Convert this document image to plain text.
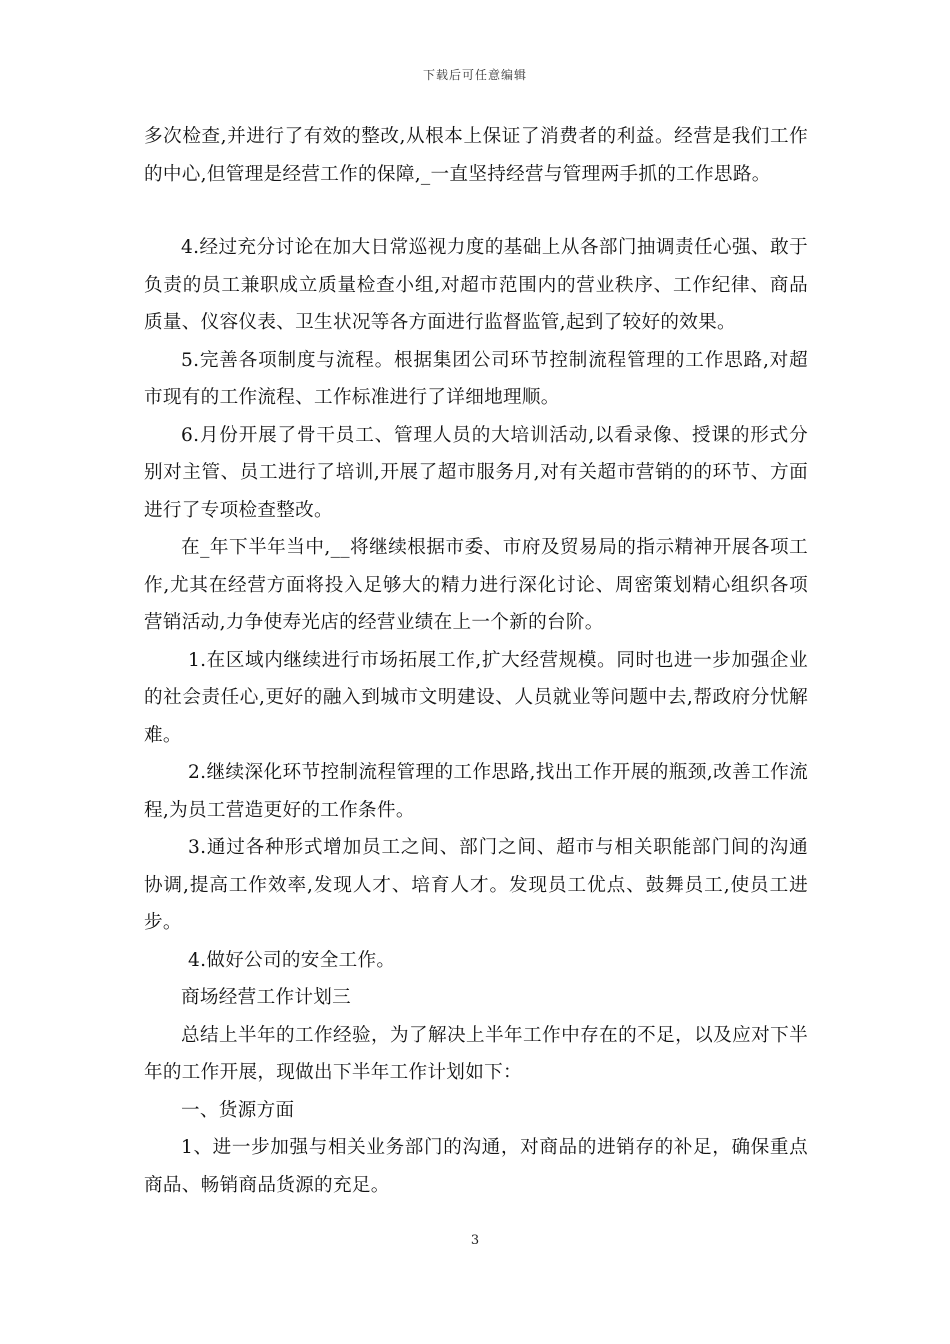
下载后可任意编辑

多次检查,并进行了有效的整改,从根本上保证了消费者的利益。经营是我们工作的中心,但管理是经营工作的保障,_一直坚持经营与管理两手抓的工作思路。

4.经过充分讨论在加大日常巡视力度的基础上从各部门抽调责任心强、敢于负责的员工兼职成立质量检查小组,对超市范围内的营业秩序、工作纪律、商品质量、仪容仪表、卫生状况等各方面进行监督监管,起到了较好的效果。

5.完善各项制度与流程。根据集团公司环节控制流程管理的工作思路,对超市现有的工作流程、工作标准进行了详细地理顺。

6.月份开展了骨干员工、管理人员的大培训活动,以看录像、授课的形式分别对主管、员工进行了培训,开展了超市服务月,对有关超市营销的的环节、方面进行了专项检查整改。

在_年下半年当中,__将继续根据市委、市府及贸易局的指示精神开展各项工作,尤其在经营方面将投入足够大的精力进行深化讨论、周密策划精心组织各项营销活动,力争使寿光店的经营业绩在上一个新的台阶。

1.在区域内继续进行市场拓展工作,扩大经营规模。同时也进一步加强企业的社会责任心,更好的融入到城市文明建设、人员就业等问题中去,帮政府分忧解难。

2.继续深化环节控制流程管理的工作思路,找出工作开展的瓶颈,改善工作流程,为员工营造更好的工作条件。

3.通过各种形式增加员工之间、部门之间、超市与相关职能部门间的沟通协调,提高工作效率,发现人才、培育人才。发现员工优点、鼓舞员工,使员工进步。

4.做好公司的安全工作。

商场经营工作计划三

总结上半年的工作经验，为了解决上半年工作中存在的不足，以及应对下半年的工作开展，现做出下半年工作计划如下：

一、货源方面

1、进一步加强与相关业务部门的沟通，对商品的进销存的补足，确保重点商品、畅销商品货源的充足。

3
